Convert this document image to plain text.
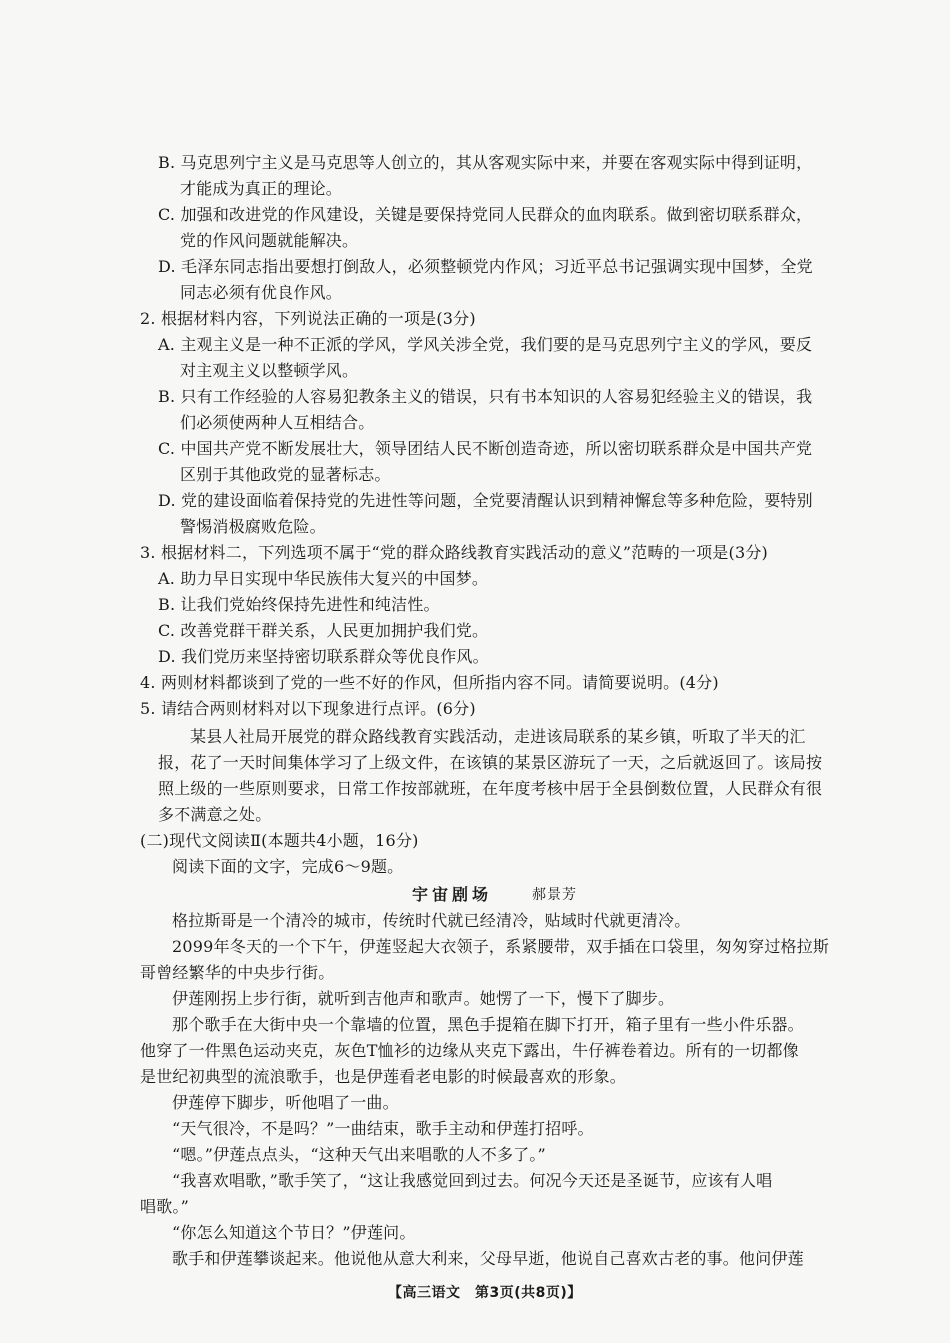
B. 马克思列宁主义是马克思等人创立的，其从客观实际中来，并要在客观实际中得到证明，
才能成为真正的理论。
C. 加强和改进党的作风建设，关键是要保持党同人民群众的血肉联系。做到密切联系群众，
党的作风问题就能解决。
D. 毛泽东同志指出要想打倒敌人，必须整顿党内作风；习近平总书记强调实现中国梦，全党
同志必须有优良作风。
2. 根据材料内容，下列说法正确的一项是(3分)
A. 主观主义是一种不正派的学风，学风关涉全党，我们要的是马克思列宁主义的学风，要反
对主观主义以整顿学风。
B. 只有工作经验的人容易犯教条主义的错误，只有书本知识的人容易犯经验主义的错误，我
们必须使两种人互相结合。
C. 中国共产党不断发展壮大，领导团结人民不断创造奇迹，所以密切联系群众是中国共产党
区别于其他政党的显著标志。
D. 党的建设面临着保持党的先进性等问题，全党要清醒认识到精神懈怠等多种危险，要特别
警惕消极腐败危险。
3. 根据材料二，下列选项不属于“党的群众路线教育实践活动的意义”范畴的一项是(3分)
A. 助力早日实现中华民族伟大复兴的中国梦。
B. 让我们党始终保持先进性和纯洁性。
C. 改善党群干群关系，人民更加拥护我们党。
D. 我们党历来坚持密切联系群众等优良作风。
4. 两则材料都谈到了党的一些不好的作风，但所指内容不同。请简要说明。(4分)
5. 请结合两则材料对以下现象进行点评。(6分)
某县人社局开展党的群众路线教育实践活动，走进该局联系的某乡镇，听取了半天的汇
报，花了一天时间集体学习了上级文件，在该镇的某景区游玩了一天，之后就返回了。该局按
照上级的一些原则要求，日常工作按部就班，在年度考核中居于全县倒数位置，人民群众有很
多不满意之处。
(二)现代文阅读Ⅱ(本题共4小题，16分)
阅读下面的文字，完成6～9题。
宇宙剧场	郝景芳
格拉斯哥是一个清冷的城市，传统时代就已经清冷，贴域时代就更清冷。
2099年冬天的一个下午，伊莲竖起大衣领子，系紧腰带，双手插在口袋里，匆匆穿过格拉斯
哥曾经繁华的中央步行街。
伊莲刚拐上步行街，就听到吉他声和歌声。她愣了一下，慢下了脚步。
那个歌手在大街中央一个靠墙的位置，黑色手提箱在脚下打开，箱子里有一些小件乐器。
他穿了一件黑色运动夹克，灰色T恤衫的边缘从夹克下露出，牛仔裤卷着边。所有的一切都像
是世纪初典型的流浪歌手，也是伊莲看老电影的时候最喜欢的形象。
伊莲停下脚步，听他唱了一曲。
“天气很冷，不是吗？”一曲结束，歌手主动和伊莲打招呼。
“嗯。”伊莲点点头，“这种天气出来唱歌的人不多了。”
“我喜欢唱歌，”歌手笑了，“这让我感觉回到过去。何况今天还是圣诞节，应该有人唱
唱歌。”
“你怎么知道这个节日？”伊莲问。
歌手和伊莲攀谈起来。他说他从意大利来，父母早逝，他说自己喜欢古老的事。他问伊莲
【高三语文　第3页(共8页)】
